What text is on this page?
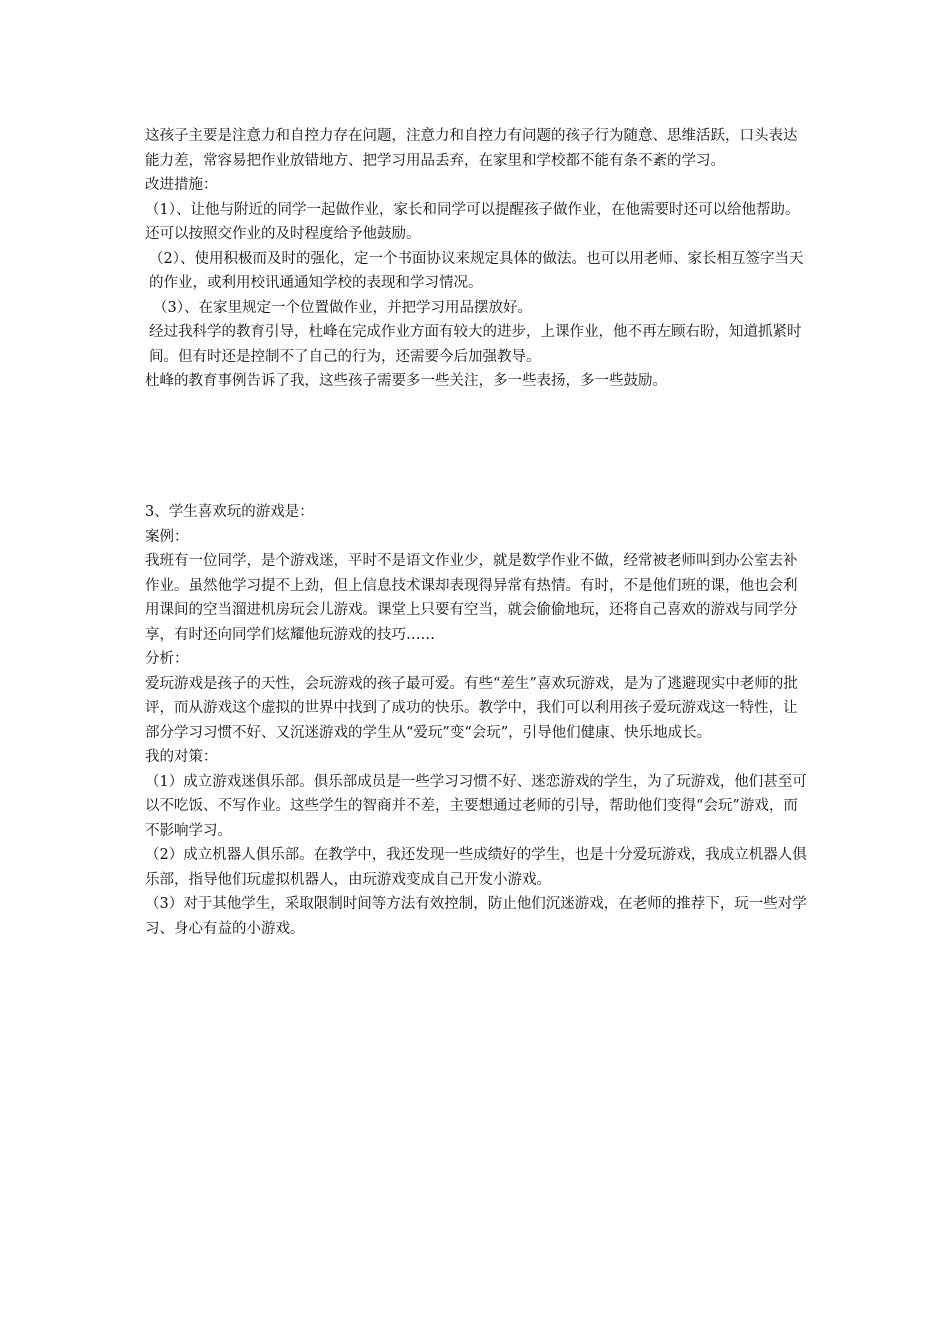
这孩子主要是注意力和自控力存在问题，注意力和自控力有问题的孩子行为随意、思维活跃，口头表达能力差，常容易把作业放错地方、把学习用品丢弃，在家里和学校都不能有条不紊的学习。

改进措施：

（1）、让他与附近的同学一起做作业，家长和同学可以提醒孩子做作业，在他需要时还可以给他帮助。还可以按照交作业的及时程度给予他鼓励。

（2）、使用积极而及时的强化，定一个书面协议来规定具体的做法。也可以用老师、家长相互签字当天的作业，或利用校讯通通知学校的表现和学习情况。

（3）、在家里规定一个位置做作业，并把学习用品摆放好。

经过我科学的教育引导，杜峰在完成作业方面有较大的进步，上课作业，他不再左顾右盼，知道抓紧时间。但有时还是控制不了自己的行为，还需要今后加强教导。

杜峰的教育事例告诉了我，这些孩子需要多一些关注，多一些表扬，多一些鼓励。

3、学生喜欢玩的游戏是：

案例：

我班有一位同学，是个游戏迷，平时不是语文作业少，就是数学作业不做，经常被老师叫到办公室去补作业。虽然他学习提不上劲，但上信息技术课却表现得异常有热情。有时，不是他们班的课，他也会利用课间的空当溜进机房玩会儿游戏。课堂上只要有空当，就会偷偷地玩，还将自己喜欢的游戏与同学分享，有时还向同学们炫耀他玩游戏的技巧……

分析：

爱玩游戏是孩子的天性，会玩游戏的孩子最可爱。有些“差生”喜欢玩游戏，是为了逃避现实中老师的批评，而从游戏这个虚拟的世界中找到了成功的快乐。教学中，我们可以利用孩子爱玩游戏这一特性，让部分学习习惯不好、又沉迷游戏的学生从“爱玩”变“会玩”，引导他们健康、快乐地成长。

我的对策：

（1）成立游戏迷俱乐部。俱乐部成员是一些学习习惯不好、迷恋游戏的学生，为了玩游戏，他们甚至可以不吃饭、不写作业。这些学生的智商并不差，主要想通过老师的引导，帮助他们变得“会玩”游戏，而不影响学习。

（2）成立机器人俱乐部。在教学中，我还发现一些成绩好的学生，也是十分爱玩游戏，我成立机器人俱乐部，指导他们玩虚拟机器人，由玩游戏变成自己开发小游戏。

（3）对于其他学生，采取限制时间等方法有效控制，防止他们沉迷游戏，在老师的推荐下，玩一些对学习、身心有益的小游戏。
